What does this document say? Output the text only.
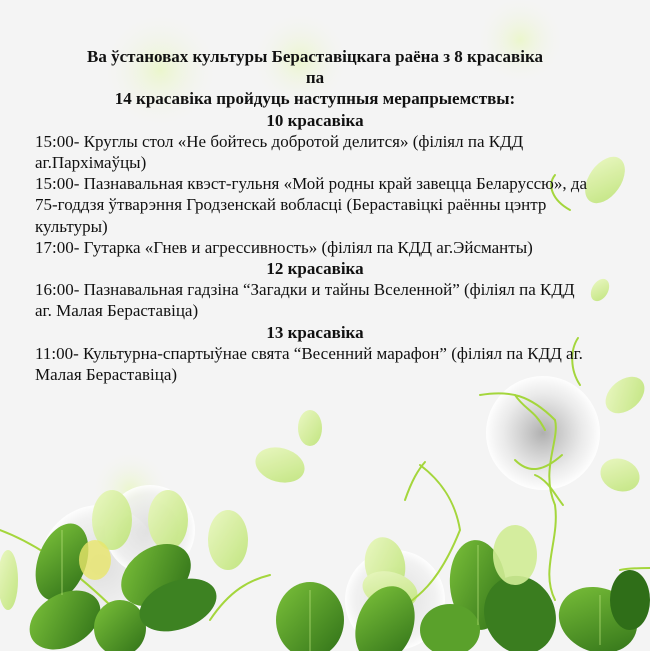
Ва ўстановах культуры Бераставіцкага раёна з 8 красавіка

па

14 красавіка пройдуць наступныя мерапрыемствы:

10 красавіка

15:00- Круглы стол «Не бойтесь добротой делится» (філіял па КДД аг.Пархімаўцы)

15:00- Пазнавальная квэст-гульня «Мой родны край завецца Беларуссю», да 75-годдзя ўтварэння Гродзенскай вобласці (Бераставіцкі раённы цэнтр культуры)

17:00- Гутарка «Гнев и агрессивность» (філіял па КДД аг.Эйсманты)

12 красавіка

16:00- Пазнавальная гадзіна “Загадки и тайны Вселенной” (філіял па КДД аг. Малая Бераставіца)

13 красавіка

11:00- Культурна-спартыўнае свята “Весенний марафон” (філіял па КДД аг. Малая Бераставіца)
